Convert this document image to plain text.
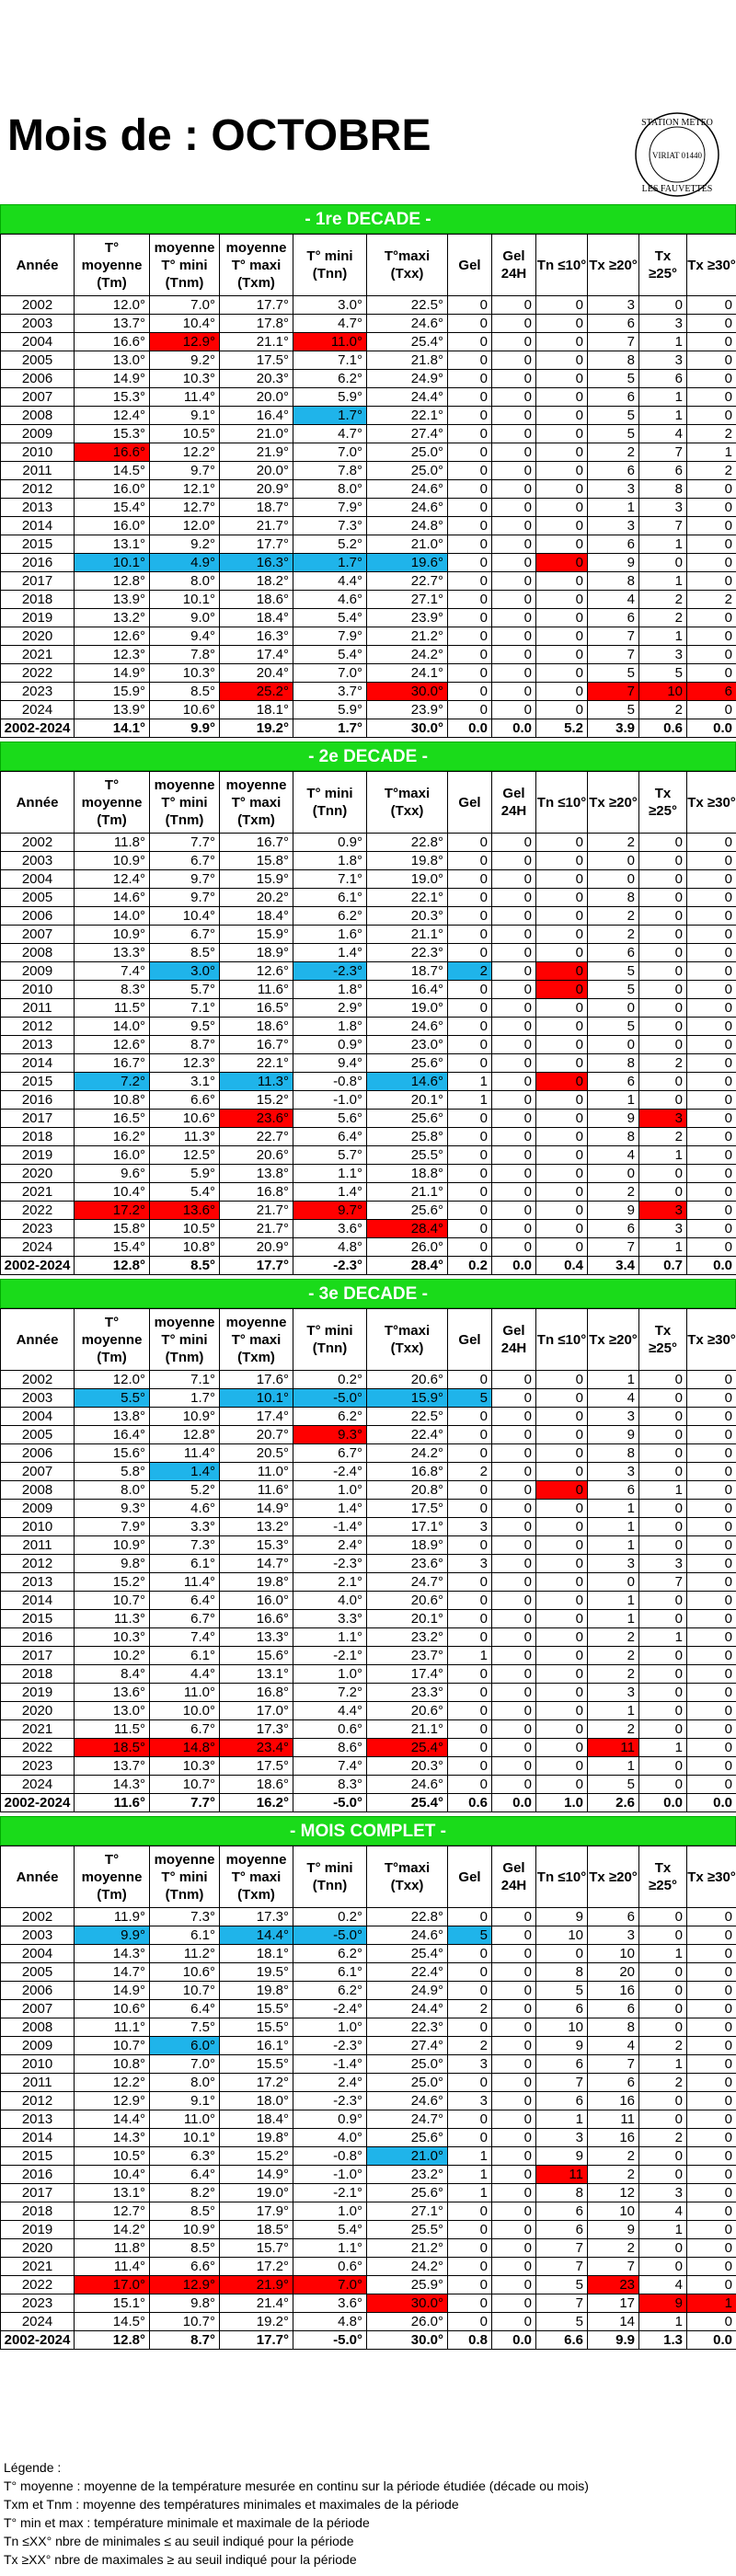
Mois de : OCTOBRE	STATION METEO
VIRIAT 01440
LES FAUVETTES
- 1re DECADE -
Année	T° moyenne (Tm)	moyenne T° mini (Tnm)	moyenne T° maxi (Txm)	T° mini (Tnn)	T°maxi (Txx)	Gel	Gel 24H	Tn ≤10°	Tx ≥20°	Tx ≥25°	Tx ≥30°
2002	12.0°	7.0°	17.7°	3.0°	22.5°	0	0	0	3	0	0
2003	13.7°	10.4°	17.8°	4.7°	24.6°	0	0	0	6	3	0
2004	16.6°	12.9°	21.1°	11.0°	25.4°	0	0	0	7	1	0
2005	13.0°	9.2°	17.5°	7.1°	21.8°	0	0	0	8	3	0
2006	14.9°	10.3°	20.3°	6.2°	24.9°	0	0	0	5	6	0
2007	15.3°	11.4°	20.0°	5.9°	24.4°	0	0	0	6	1	0
2008	12.4°	9.1°	16.4°	1.7°	22.1°	0	0	0	5	1	0
2009	15.3°	10.5°	21.0°	4.7°	27.4°	0	0	0	5	4	2
2010	16.6°	12.2°	21.9°	7.0°	25.0°	0	0	0	2	7	1
2011	14.5°	9.7°	20.0°	7.8°	25.0°	0	0	0	6	6	2
2012	16.0°	12.1°	20.9°	8.0°	24.6°	0	0	0	3	8	0
2013	15.4°	12.7°	18.7°	7.9°	24.6°	0	0	0	1	3	0
2014	16.0°	12.0°	21.7°	7.3°	24.8°	0	0	0	3	7	0
2015	13.1°	9.2°	17.7°	5.2°	21.0°	0	0	0	6	1	0
2016	10.1°	4.9°	16.3°	1.7°	19.6°	0	0	0	9	0	0
2017	12.8°	8.0°	18.2°	4.4°	22.7°	0	0	0	8	1	0
2018	13.9°	10.1°	18.6°	4.6°	27.1°	0	0	0	4	2	2
2019	13.2°	9.0°	18.4°	5.4°	23.9°	0	0	0	6	2	0
2020	12.6°	9.4°	16.3°	7.9°	21.2°	0	0	0	7	1	0
2021	12.3°	7.8°	17.4°	5.4°	24.2°	0	0	0	7	3	0
2022	14.9°	10.3°	20.4°	7.0°	24.1°	0	0	0	5	5	0
2023	15.9°	8.5°	25.2°	3.7°	30.0°	0	0	0	7	10	6
2024	13.9°	10.6°	18.1°	5.9°	23.9°	0	0	0	5	2	0
2002-2024	14.1°	9.9°	19.2°	1.7°	30.0°	0.0	0.0	5.2	3.9	0.6	0.0
- 2e DECADE -
Année	T° moyenne (Tm)	moyenne T° mini (Tnm)	moyenne T° maxi (Txm)	T° mini (Tnn)	T°maxi (Txx)	Gel	Gel 24H	Tn ≤10°	Tx ≥20°	Tx ≥25°	Tx ≥30°
2002	11.8°	7.7°	16.7°	0.9°	22.8°	0	0	0	2	0	0
2003	10.9°	6.7°	15.8°	1.8°	19.8°	0	0	0	0	0	0
2004	12.4°	9.7°	15.9°	7.1°	19.0°	0	0	0	0	0	0
2005	14.6°	9.7°	20.2°	6.1°	22.1°	0	0	0	8	0	0
2006	14.0°	10.4°	18.4°	6.2°	20.3°	0	0	0	2	0	0
2007	10.9°	6.7°	15.9°	1.6°	21.1°	0	0	0	2	0	0
2008	13.3°	8.5°	18.9°	1.4°	22.3°	0	0	0	6	0	0
2009	7.4°	3.0°	12.6°	-2.3°	18.7°	2	0	0	5	0	0
2010	8.3°	5.7°	11.6°	1.8°	16.4°	0	0	0	5	0	0
2011	11.5°	7.1°	16.5°	2.9°	19.0°	0	0	0	0	0	0
2012	14.0°	9.5°	18.6°	1.8°	24.6°	0	0	0	5	0	0
2013	12.6°	8.7°	16.7°	0.9°	23.0°	0	0	0	0	0	0
2014	16.7°	12.3°	22.1°	9.4°	25.6°	0	0	0	8	2	0
2015	7.2°	3.1°	11.3°	-0.8°	14.6°	1	0	0	6	0	0
2016	10.8°	6.6°	15.2°	-1.0°	20.1°	1	0	0	1	0	0
2017	16.5°	10.6°	23.6°	5.6°	25.6°	0	0	0	9	3	0
2018	16.2°	11.3°	22.7°	6.4°	25.8°	0	0	0	8	2	0
2019	16.0°	12.5°	20.6°	5.7°	25.5°	0	0	0	4	1	0
2020	9.6°	5.9°	13.8°	1.1°	18.8°	0	0	0	0	0	0
2021	10.4°	5.4°	16.8°	1.4°	21.1°	0	0	0	2	0	0
2022	17.2°	13.6°	21.7°	9.7°	25.6°	0	0	0	9	3	0
2023	15.8°	10.5°	21.7°	3.6°	28.4°	0	0	0	6	3	0
2024	15.4°	10.8°	20.9°	4.8°	26.0°	0	0	0	7	1	0
2002-2024	12.8°	8.5°	17.7°	-2.3°	28.4°	0.2	0.0	0.4	3.4	0.7	0.0
- 3e DECADE -
Année	T° moyenne (Tm)	moyenne T° mini (Tnm)	moyenne T° maxi (Txm)	T° mini (Tnn)	T°maxi (Txx)	Gel	Gel 24H	Tn ≤10°	Tx ≥20°	Tx ≥25°	Tx ≥30°
2002	12.0°	7.1°	17.6°	0.2°	20.6°	0	0	0	1	0	0
2003	5.5°	1.7°	10.1°	-5.0°	15.9°	5	0	0	4	0	0
2004	13.8°	10.9°	17.4°	6.2°	22.5°	0	0	0	3	0	0
2005	16.4°	12.8°	20.7°	9.3°	22.4°	0	0	0	9	0	0
2006	15.6°	11.4°	20.5°	6.7°	24.2°	0	0	0	8	0	0
2007	5.8°	1.4°	11.0°	-2.4°	16.8°	2	0	0	3	0	0
2008	8.0°	5.2°	11.6°	1.0°	20.8°	0	0	0	6	1	0
2009	9.3°	4.6°	14.9°	1.4°	17.5°	0	0	0	1	0	0
2010	7.9°	3.3°	13.2°	-1.4°	17.1°	3	0	0	1	0	0
2011	10.9°	7.3°	15.3°	2.4°	18.9°	0	0	0	1	0	0
2012	9.8°	6.1°	14.7°	-2.3°	23.6°	3	0	0	3	3	0
2013	15.2°	11.4°	19.8°	2.1°	24.7°	0	0	0	0	7	0
2014	10.7°	6.4°	16.0°	4.0°	20.6°	0	0	0	1	0	0
2015	11.3°	6.7°	16.6°	3.3°	20.1°	0	0	0	1	0	0
2016	10.3°	7.4°	13.3°	1.1°	23.2°	0	0	0	2	1	0
2017	10.2°	6.1°	15.6°	-2.1°	23.7°	1	0	0	2	0	0
2018	8.4°	4.4°	13.1°	1.0°	17.4°	0	0	0	2	0	0
2019	13.6°	11.0°	16.8°	7.2°	23.3°	0	0	0	3	0	0
2020	13.0°	10.0°	17.0°	4.4°	20.6°	0	0	0	1	0	0
2021	11.5°	6.7°	17.3°	0.6°	21.1°	0	0	0	2	0	0
2022	18.5°	14.8°	23.4°	8.6°	25.4°	0	0	0	11	1	0
2023	13.7°	10.3°	17.5°	7.4°	20.3°	0	0	0	1	0	0
2024	14.3°	10.7°	18.6°	8.3°	24.6°	0	0	0	5	0	0
2002-2024	11.6°	7.7°	16.2°	-5.0°	25.4°	0.6	0.0	1.0	2.6	0.0	0.0
- MOIS COMPLET -
Année	T° moyenne (Tm)	moyenne T° mini (Tnm)	moyenne T° maxi (Txm)	T° mini (Tnn)	T°maxi (Txx)	Gel	Gel 24H	Tn ≤10°	Tx ≥20°	Tx ≥25°	Tx ≥30°
2002	11.9°	7.3°	17.3°	0.2°	22.8°	0	0	9	6	0	0
2003	9.9°	6.1°	14.4°	-5.0°	24.6°	5	0	10	3	0	0
2004	14.3°	11.2°	18.1°	6.2°	25.4°	0	0	0	10	1	0
2005	14.7°	10.6°	19.5°	6.1°	22.4°	0	0	8	20	0	0
2006	14.9°	10.7°	19.8°	6.2°	24.9°	0	0	5	16	0	0
2007	10.6°	6.4°	15.5°	-2.4°	24.4°	2	0	6	6	0	0
2008	11.1°	7.5°	15.5°	1.0°	22.3°	0	0	10	8	0	0
2009	10.7°	6.0°	16.1°	-2.3°	27.4°	2	0	9	4	2	0
2010	10.8°	7.0°	15.5°	-1.4°	25.0°	3	0	6	7	1	0
2011	12.2°	8.0°	17.2°	2.4°	25.0°	0	0	7	6	2	0
2012	12.9°	9.1°	18.0°	-2.3°	24.6°	3	0	6	16	0	0
2013	14.4°	11.0°	18.4°	0.9°	24.7°	0	0	1	11	0	0
2014	14.3°	10.1°	19.8°	4.0°	25.6°	0	0	3	16	2	0
2015	10.5°	6.3°	15.2°	-0.8°	21.0°	1	0	9	2	0	0
2016	10.4°	6.4°	14.9°	-1.0°	23.2°	1	0	11	2	0	0
2017	13.1°	8.2°	19.0°	-2.1°	25.6°	1	0	8	12	3	0
2018	12.7°	8.5°	17.9°	1.0°	27.1°	0	0	6	10	4	0
2019	14.2°	10.9°	18.5°	5.4°	25.5°	0	0	6	9	1	0
2020	11.8°	8.5°	15.7°	1.1°	21.2°	0	0	7	2	0	0
2021	11.4°	6.6°	17.2°	0.6°	24.2°	0	0	7	7	0	0
2022	17.0°	12.9°	21.9°	7.0°	25.9°	0	0	5	23	4	0
2023	15.1°	9.8°	21.4°	3.6°	30.0°	0	0	7	17	9	1
2024	14.5°	10.7°	19.2°	4.8°	26.0°	0	0	5	14	1	0
2002-2024	12.8°	8.7°	17.7°	-5.0°	30.0°	0.8	0.0	6.6	9.9	1.3	0.0
Légende :
T° moyenne : moyenne de la température mesurée en continu sur la période étudiée (décade ou mois)
Txm et Tnm : moyenne des températures minimales et maximales de la période
T° min et max : température minimale et maximale de la période
Tn ≤XX° nbre de minimales ≤ au seuil indiqué pour la période
Tx ≥XX° nbre de maximales ≥ au seuil indiqué pour la période
